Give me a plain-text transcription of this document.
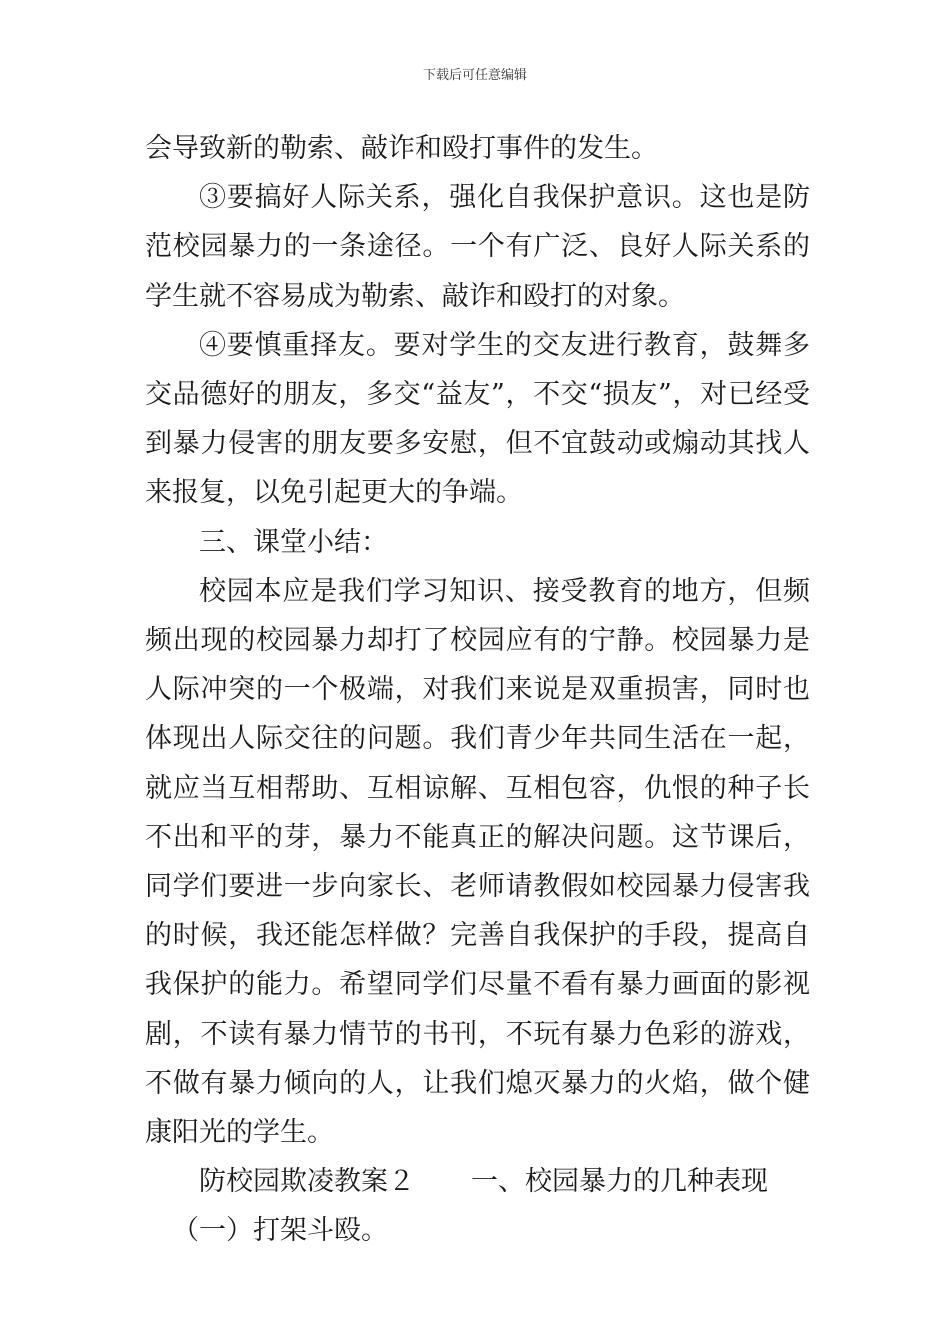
下载后可任意编辑

会导致新的勒索、敲诈和殴打事件的发生。

③要搞好人际关系，强化自我保护意识。这也是防范校园暴力的一条途径。一个有广泛、良好人际关系的学生就不容易成为勒索、敲诈和殴打的对象。

④要慎重择友。要对学生的交友进行教育，鼓舞多交品德好的朋友，多交“益友”，不交“损友”，对已经受到暴力侵害的朋友要多安慰，但不宜鼓动或煽动其找人来报复，以免引起更大的争端。

三、课堂小结：

校园本应是我们学习知识、接受教育的地方，但频频出现的校园暴力却打了校园应有的宁静。校园暴力是人际冲突的一个极端，对我们来说是双重损害，同时也体现出人际交往的问题。我们青少年共同生活在一起，就应当互相帮助、互相谅解、互相包容，仇恨的种子长不出和平的芽，暴力不能真正的解决问题。这节课后，同学们要进一步向家长、老师请教假如校园暴力侵害我的时候，我还能怎样做？完善自我保护的手段，提高自我保护的能力。希望同学们尽量不看有暴力画面的影视剧，不读有暴力情节的书刊，不玩有暴力色彩的游戏，不做有暴力倾向的人，让我们熄灭暴力的火焰，做个健康阳光的学生。

防校园欺凌教案２ 一、校园暴力的几种表现

（一）打架斗殴。
